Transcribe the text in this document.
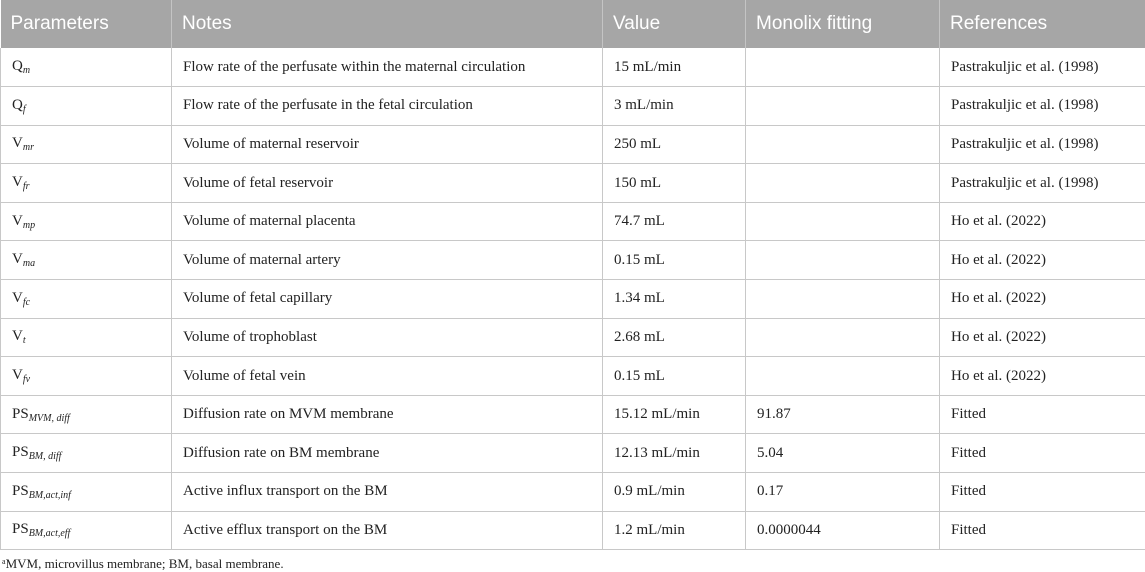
Parameters	Notes	Value	Monolix fitting	References
$Q_m$	Flow rate of the perfusate within the maternal circulation	15 mL/min		Pastrakuljic et al. (1998)
$Q_f$	Flow rate of the perfusate in the fetal circulation	3 mL/min		Pastrakuljic et al. (1998)
$V_{mr}$	Volume of maternal reservoir	250 mL		Pastrakuljic et al. (1998)
$V_{fr}$	Volume of fetal reservoir	150 mL		Pastrakuljic et al. (1998)
$V_{mp}$	Volume of maternal placenta	74.7 mL		Ho et al. (2022)
$V_{ma}$	Volume of maternal artery	0.15 mL		Ho et al. (2022)
$V_{fc}$	Volume of fetal capillary	1.34 mL		Ho et al. (2022)
$V_t$	Volume of trophoblast	2.68 mL		Ho et al. (2022)
$V_{fv}$	Volume of fetal vein	0.15 mL		Ho et al. (2022)
$PS_{MVM, diff}$	Diffusion rate on MVM membrane	15.12 mL/min	91.87	Fitted
$PS_{BM, diff}$	Diffusion rate on BM membrane	12.13 mL/min	5.04	Fitted
$PS_{BM,act,inf}$	Active influx transport on the BM	0.9 mL/min	0.17	Fitted
$PS_{BM,act,eff}$	Active efflux transport on the BM	1.2 mL/min	0.0000044	Fitted
$^a$MVM, microvillus membrane; BM, basal membrane.
